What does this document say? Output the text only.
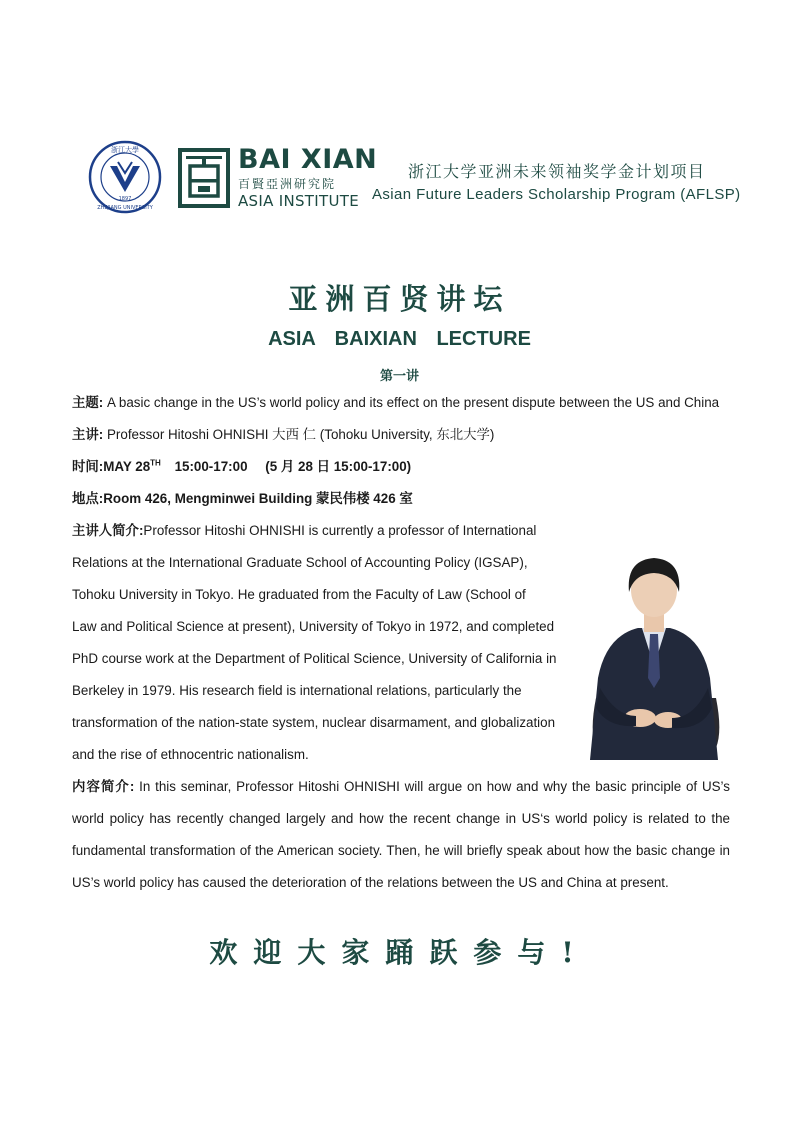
浙江大學
ZHEJIANG UNIVERSITY
1897
BAI XIAN
百賢亞洲研究院
ASIA INSTITUTE
浙江大学亚洲未来领袖奖学金计划项目
Asian Future Leaders Scholarship Program (AFLSP)
亚洲百贤讲坛
ASIA BAIXIAN LECTURE
第一讲
主题: A basic change in the US’s world policy and its effect on the present dispute between the US and China
主讲: Professor Hitoshi OHNISHI 大西 仁 (Tohoku University, 东北大学)
时间:MAY 28TH 15:00-17:00 (5 月 28 日 15:00-17:00)
地点:Room 426, Mengminwei Building 蒙民伟楼 426 室
主讲人简介:Professor Hitoshi OHNISHI is currently a professor of International
Relations at the International Graduate School of Accounting Policy (IGSAP),
Tohoku University in Tokyo. He graduated from the Faculty of Law (School of
Law and Political Science at present), University of Tokyo in 1972, and completed
PhD course work at the Department of Political Science, University of California in
Berkeley in 1979. His research field is international relations, particularly the
transformation of the nation-state system, nuclear disarmament, and globalization
and the rise of ethnocentric nationalism.
内容简介: In this seminar, Professor Hitoshi OHNISHI will argue on how and why the basic principle of US’s
world policy has recently changed largely and how the recent change in US‘s world policy is related to the
fundamental transformation of the American society. Then, he will briefly speak about how the basic change in
US’s world policy has caused the deterioration of the relations between the US and China at present.
欢迎大家踊跃参与!
